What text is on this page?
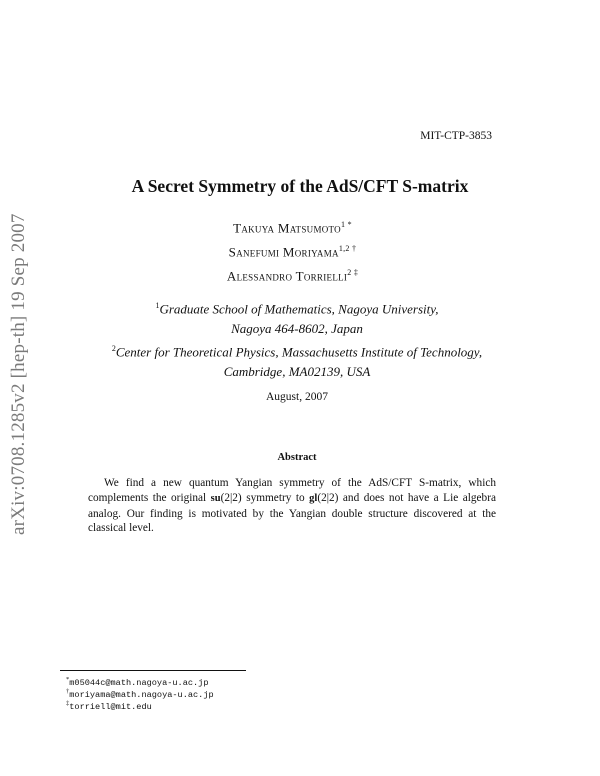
arXiv:0708.1285v2 [hep-th] 19 Sep 2007
MIT-CTP-3853
A Secret Symmetry of the AdS/CFT S-matrix
Takuya Matsumoto$^{1 *}$
Sanefumi Moriyama$^{1,2 \dagger}$
Alessandro Torrielli$^{2 \ddagger}$
$^1$Graduate School of Mathematics, Nagoya University,
Nagoya 464-8602, Japan
$^2$Center for Theoretical Physics, Massachusetts Institute of Technology,
Cambridge, MA02139, USA
August, 2007
Abstract

We find a new quantum Yangian symmetry of the AdS/CFT S-matrix, which complements the original su(2|2) symmetry to gl(2|2) and does not have a Lie algebra analog. Our finding is motivated by the Yangian double structure discovered at the classical level.

*m05044c@math.nagoya-u.ac.jp
†moriyama@math.nagoya-u.ac.jp
‡torriell@mit.edu
